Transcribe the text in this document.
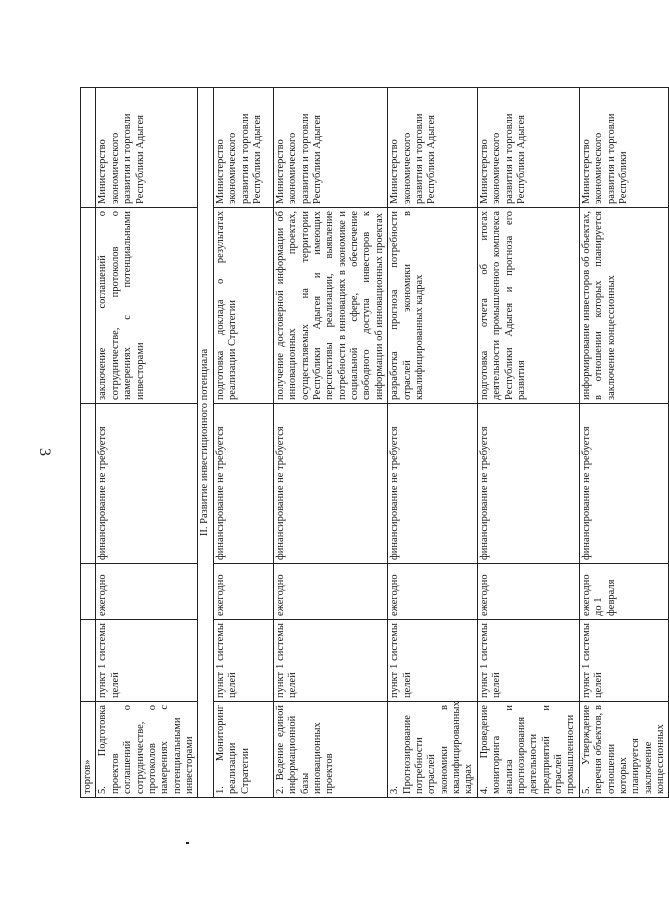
3
торгов»					
5. Подготовка проектов соглашений о сотрудничестве, протоколов о намерениях с потенциальными инвесторами	пункт 1 системы целей	ежегодно	финансирование не требуется	заключение соглашений о сотрудничестве, протоколов о намерениях с потенциальными инвесторами	Министерство экономического развития и торговли Республики Адыгея
II. Развитие инвестиционного потенциала					
1. Мониторинг реализации Стратегии	пункт 1 системы целей	ежегодно	финансирование не требуется	подготовка доклада о результатах реализации Стратегии	Министерство экономического развития и торговли Республики Адыгея
2. Ведение единой информационной базы инновационных проектов	пункт 1 системы целей	ежегодно	финансирование не требуется	получение достоверной информации об инновационных проектах, осуществляемых на территории Республики Адыгея и имеющих перспективы реализации, выявление потребности в инновациях в экономике и социальной сфере, обеспечение свободного доступа инвесторов к информации об инновационных проектах	Министерство экономического развития и торговли Республики Адыгея
3. Прогнозирование потребности отраслей экономики в квалифицированных кадрах	пункт 1 системы целей	ежегодно	финансирование не требуется	разработка прогноза потребности отраслей экономики в квалифицированных кадрах	Министерство экономического развития и торговли Республики Адыгея
4. Проведение мониторинга анализа и прогнозирования деятельности предприятий и отраслей промышленности	пункт 1 системы целей	ежегодно	финансирование не требуется	подготовка отчета об итогах деятельности промышленного комплекса Республики Адыгея и прогноза его развития	Министерство экономического развития и торговли Республики Адыгея
5. Утверждение перечня объектов, в отношении которых планируется заключение концессионных	пункт 1 системы целей	ежегодно до 1 февраля	финансирование не требуется	информирование инвесторов об объектах, в отношении которых планируется заключение концессионных	Министерство экономического развития и торговли Республики
